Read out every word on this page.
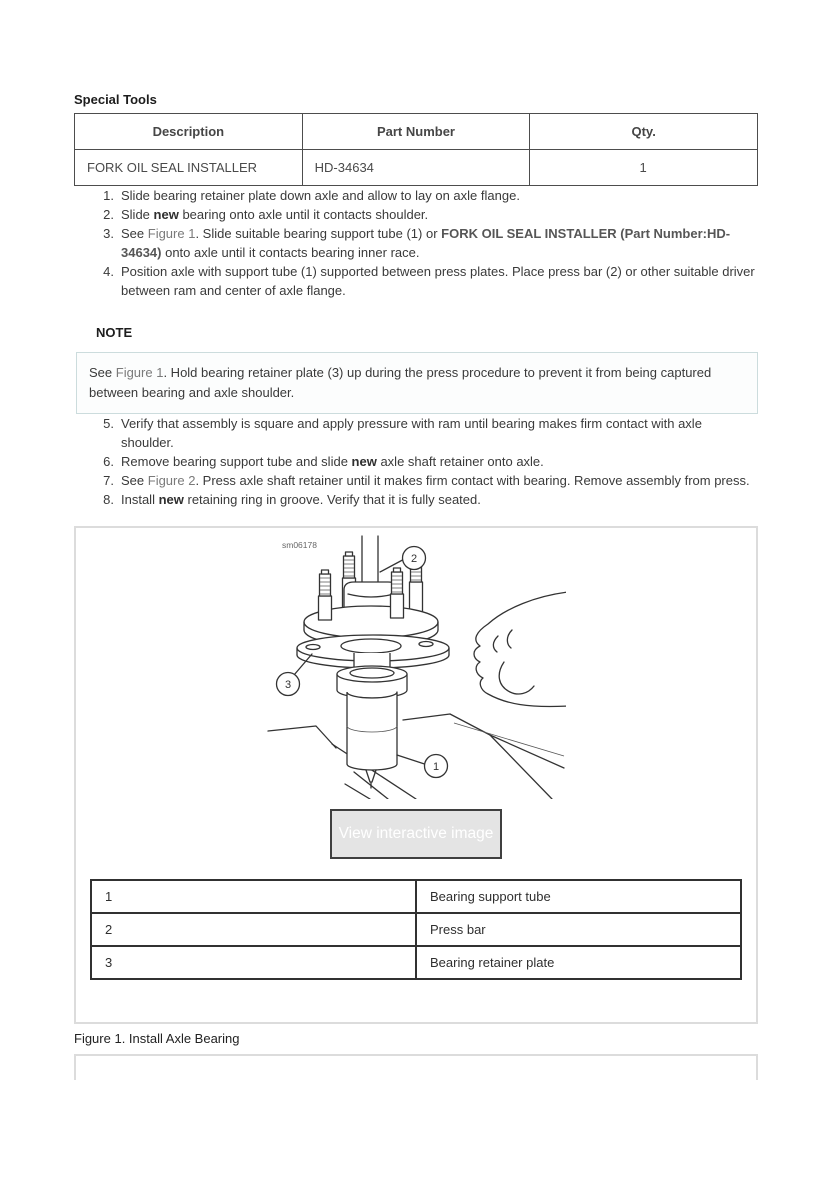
Special Tools
Description	Part Number	Qty.
FORK OIL SEAL INSTALLER	HD-34634	1
1. Slide bearing retainer plate down axle and allow to lay on axle flange.
2. Slide new bearing onto axle until it contacts shoulder.
3. See Figure 1. Slide suitable bearing support tube (1) or FORK OIL SEAL INSTALLER (Part Number:HD-34634) onto axle until it contacts bearing inner race.
4. Position axle with support tube (1) supported between press plates. Place press bar (2) or other suitable driver between ram and center of axle flange.
NOTE
See Figure 1. Hold bearing retainer plate (3) up during the press procedure to prevent it from being captured between bearing and axle shoulder.
5. Verify that assembly is square and apply pressure with ram until bearing makes firm contact with axle shoulder.
6. Remove bearing support tube and slide new axle shaft retainer onto axle.
7. See Figure 2. Press axle shaft retainer until it makes firm contact with bearing. Remove assembly from press.
8. Install new retaining ring in groove. Verify that it is fully seated.
sm06178
2
3
1
View interactive image
1	Bearing support tube
2	Press bar
3	Bearing retainer plate
Figure 1. Install Axle Bearing
